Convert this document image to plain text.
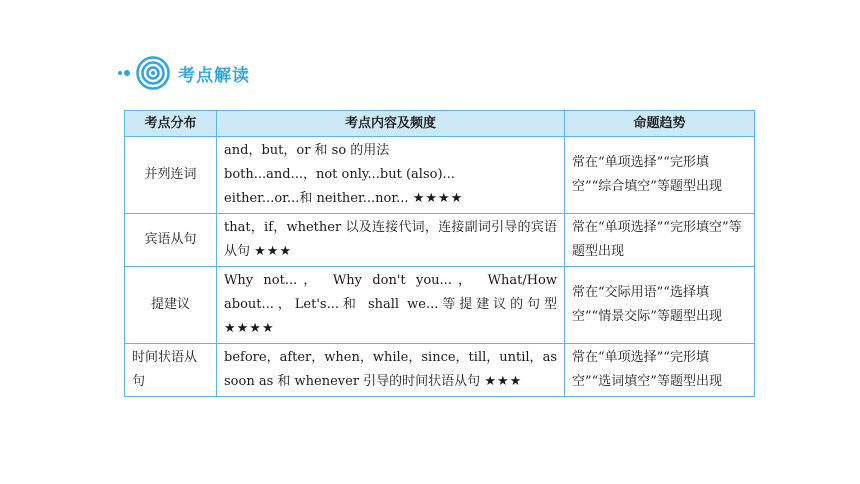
考点解读
考点分布	考点内容及频度	命题趋势
并列连词	and，but，or 和 so 的用法
both...and...，not only...but (also)...
either...or...和 neither...nor... ★★★★	常在“单项选择”“完形填空”“综合填空”等题型出现
宾语从句	that，if，whether 以及连接代词，连接副词引导的宾语从句 ★★★	常在“单项选择”“完形填空”等题型出现
提建议	Why not...， Why don't you...， What/How about...，Let's...和 shall we...等提建议的句型 ★★★★	常在“交际用语”“选择填空”“情景交际”等题型出现
时间状语从句	before，after，when，while，since，till，until，as soon as 和 whenever 引导的时间状语从句 ★★★	常在“单项选择”“完形填空”“选词填空”等题型出现
